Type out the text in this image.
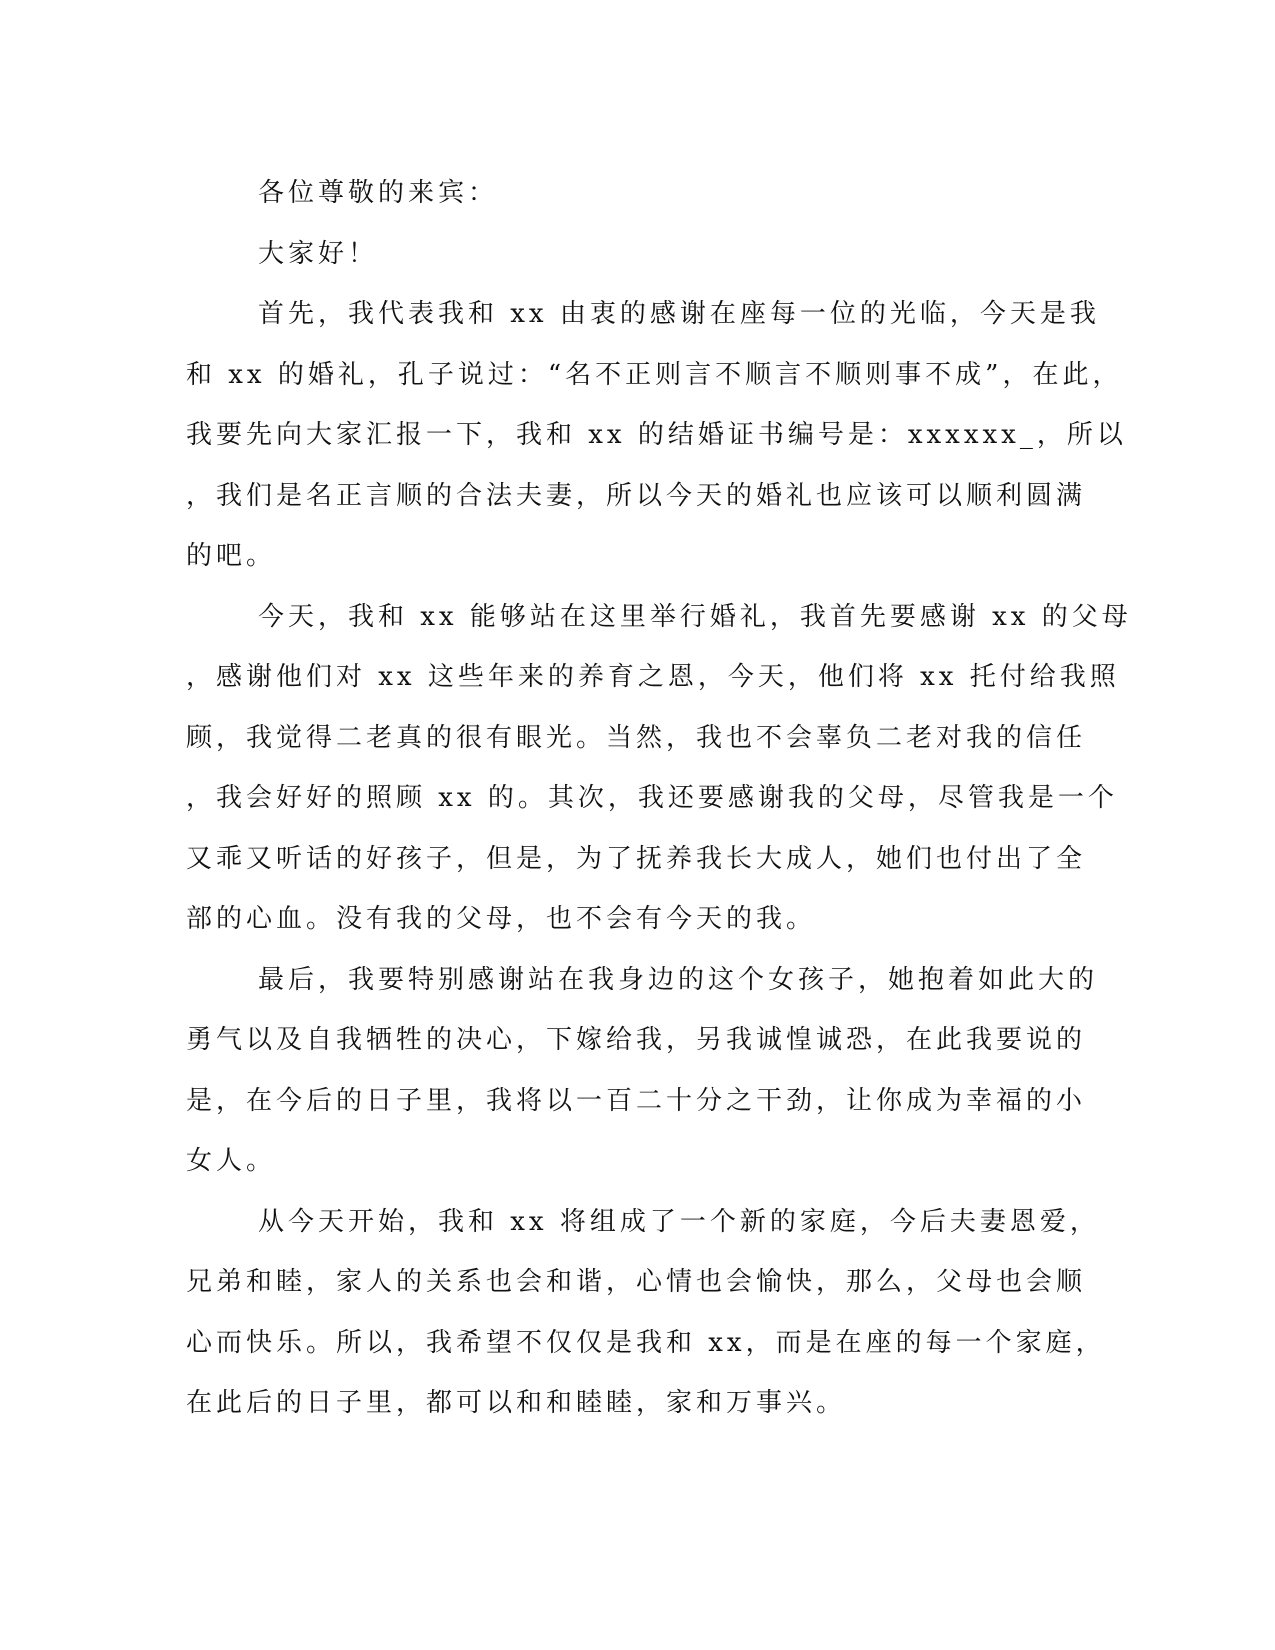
各位尊敬的来宾：
大家好！
首先，我代表我和 xx 由衷的感谢在座每一位的光临，今天是我
和 xx 的婚礼，孔子说过：“名不正则言不顺言不顺则事不成”，在此，
我要先向大家汇报一下，我和 xx 的结婚证书编号是：xxxxxx_，所以
，我们是名正言顺的合法夫妻，所以今天的婚礼也应该可以顺利圆满
的吧。
今天，我和 xx 能够站在这里举行婚礼，我首先要感谢 xx 的父母
，感谢他们对 xx 这些年来的养育之恩，今天，他们将 xx 托付给我照
顾，我觉得二老真的很有眼光。当然，我也不会辜负二老对我的信任
，我会好好的照顾 xx 的。其次，我还要感谢我的父母，尽管我是一个
又乖又听话的好孩子，但是，为了抚养我长大成人，她们也付出了全
部的心血。没有我的父母，也不会有今天的我。
最后，我要特别感谢站在我身边的这个女孩子，她抱着如此大的
勇气以及自我牺牲的决心，下嫁给我，另我诚惶诚恐，在此我要说的
是，在今后的日子里，我将以一百二十分之干劲，让你成为幸福的小
女人。
从今天开始，我和 xx 将组成了一个新的家庭，今后夫妻恩爱，
兄弟和睦，家人的关系也会和谐，心情也会愉快，那么，父母也会顺
心而快乐。所以，我希望不仅仅是我和 xx，而是在座的每一个家庭，
在此后的日子里，都可以和和睦睦，家和万事兴。
